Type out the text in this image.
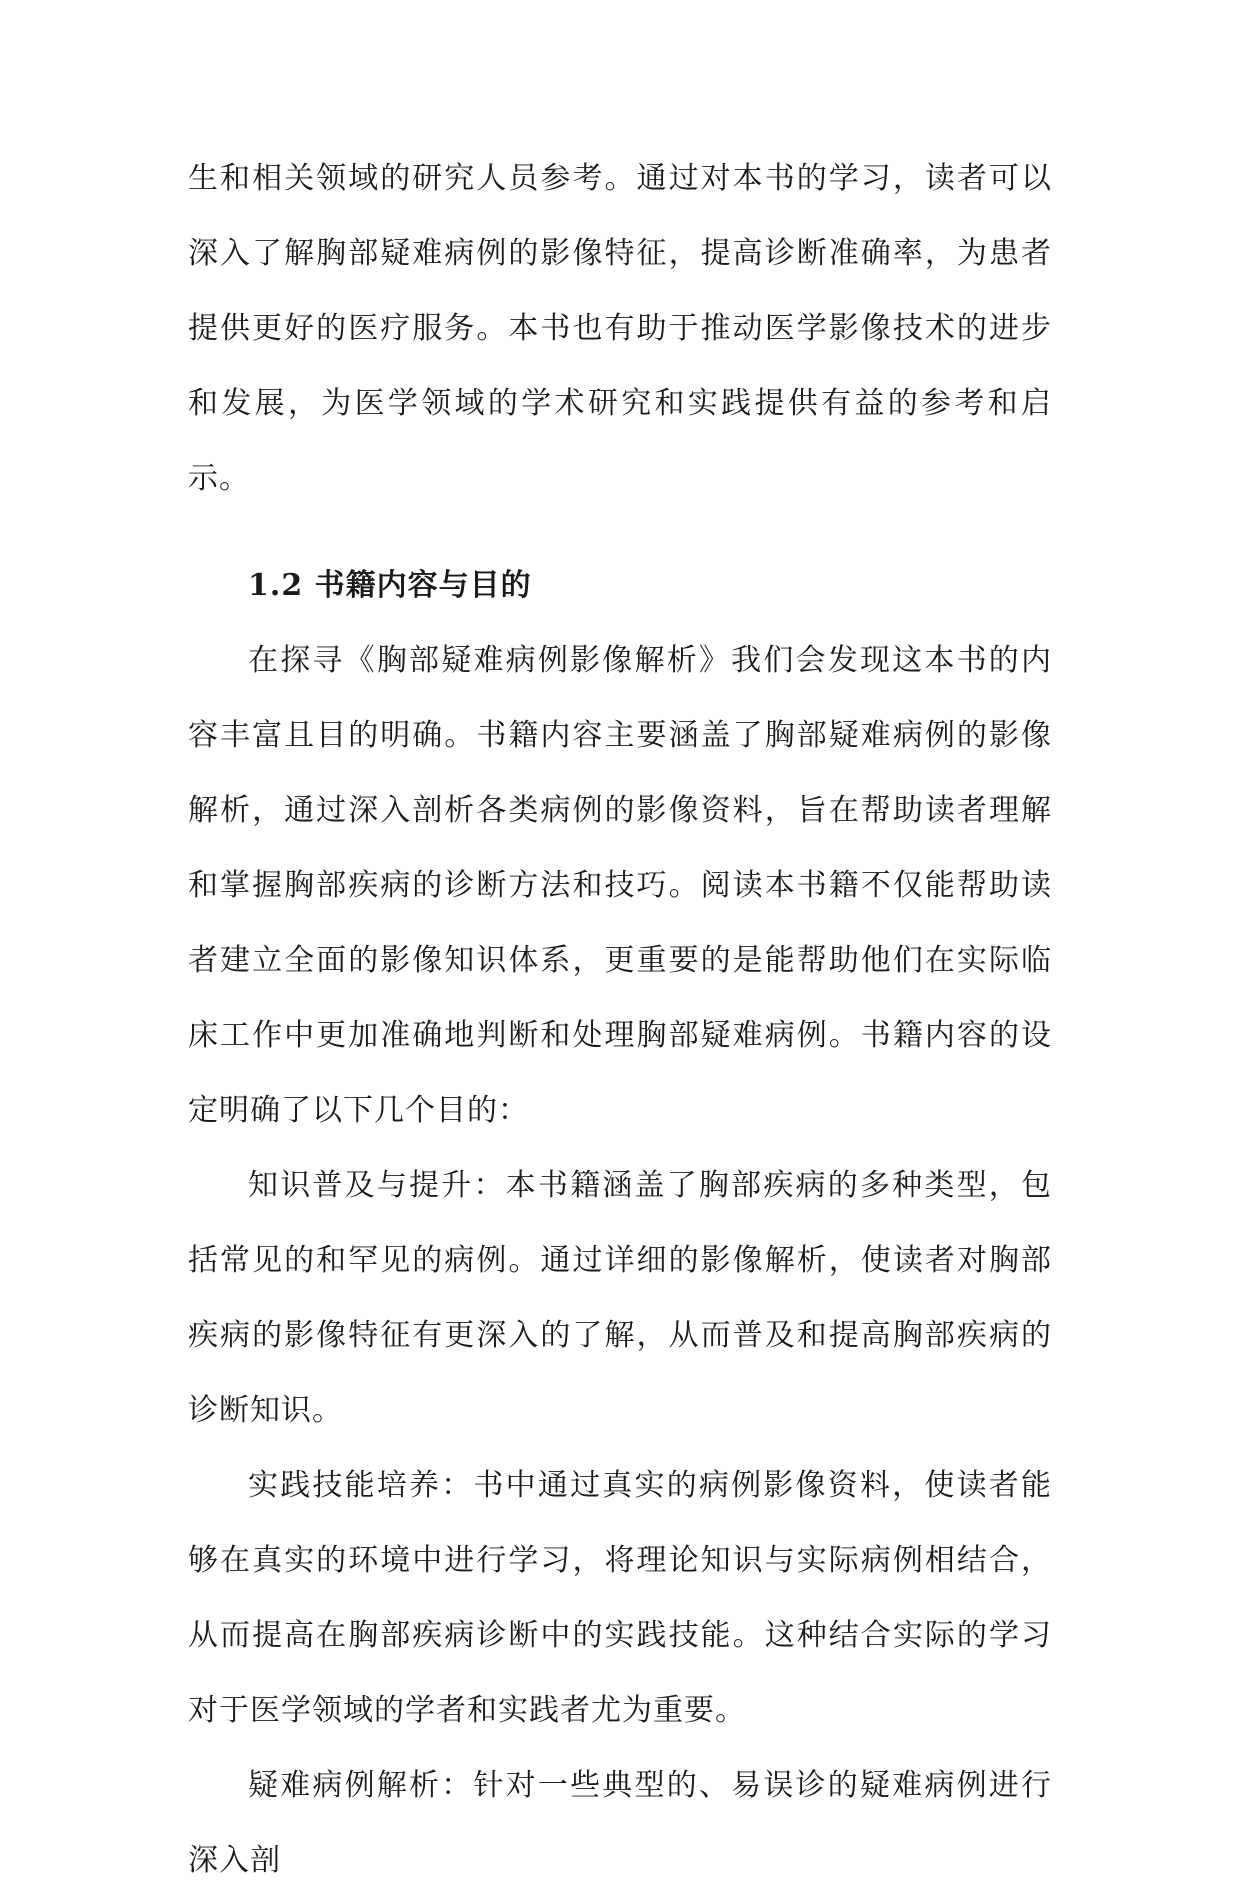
生和相关领域的研究人员参考。通过对本书的学习，读者可以深入了解胸部疑难病例的影像特征，提高诊断准确率，为患者提供更好的医疗服务。本书也有助于推动医学影像技术的进步和发展，为医学领域的学术研究和实践提供有益的参考和启示。

1.2 书籍内容与目的

在探寻《胸部疑难病例影像解析》我们会发现这本书的内容丰富且目的明确。书籍内容主要涵盖了胸部疑难病例的影像解析，通过深入剖析各类病例的影像资料，旨在帮助读者理解和掌握胸部疾病的诊断方法和技巧。阅读本书籍不仅能帮助读者建立全面的影像知识体系，更重要的是能帮助他们在实际临床工作中更加准确地判断和处理胸部疑难病例。书籍内容的设定明确了以下几个目的：

知识普及与提升：本书籍涵盖了胸部疾病的多种类型，包括常见的和罕见的病例。通过详细的影像解析，使读者对胸部疾病的影像特征有更深入的了解，从而普及和提高胸部疾病的诊断知识。

实践技能培养：书中通过真实的病例影像资料，使读者能够在真实的环境中进行学习，将理论知识与实际病例相结合，从而提高在胸部疾病诊断中的实践技能。这种结合实际的学习对于医学领域的学者和实践者尤为重要。

疑难病例解析：针对一些典型的、易误诊的疑难病例进行深入剖
